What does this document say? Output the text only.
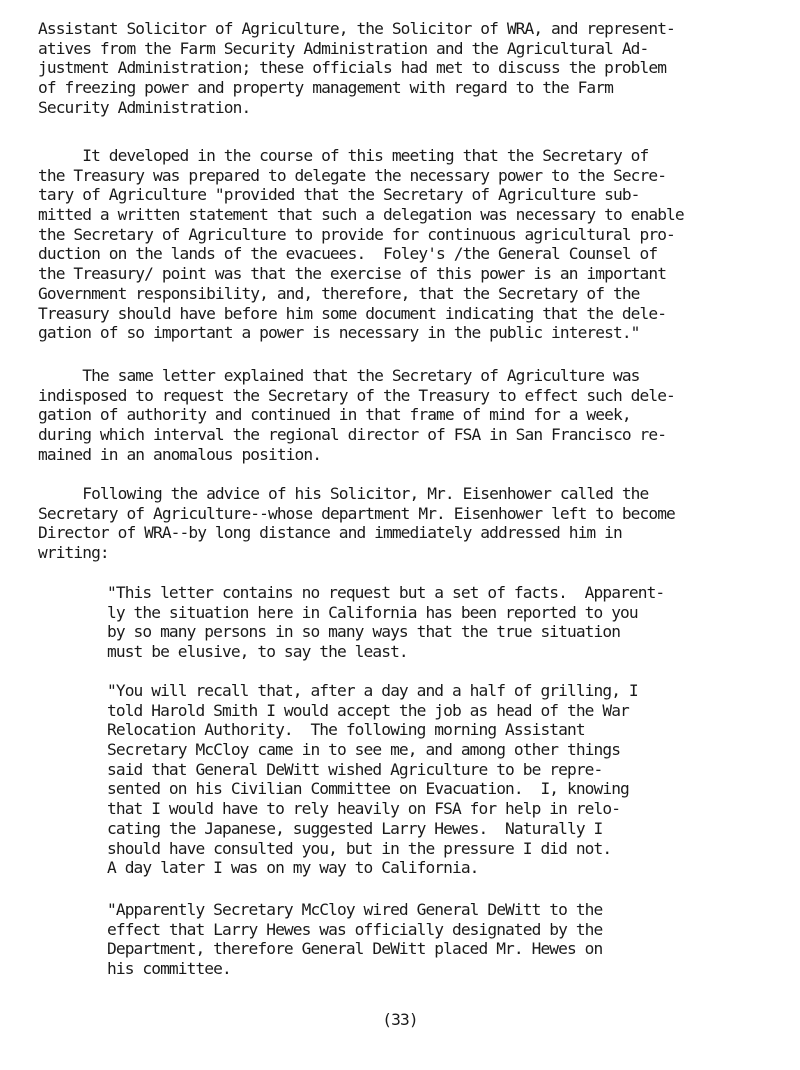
Assistant Solicitor of Agriculture, the Solicitor of WRA, and represent-
atives from the Farm Security Administration and the Agricultural Ad-
justment Administration; these officials had met to discuss the problem
of freezing power and property management with regard to the Farm
Security Administration.
It developed in the course of this meeting that the Secretary of
the Treasury was prepared to delegate the necessary power to the Secre-
tary of Agriculture "provided that the Secretary of Agriculture sub-
mitted a written statement that such a delegation was necessary to enable
the Secretary of Agriculture to provide for continuous agricultural pro-
duction on the lands of the evacuees.  Foley's /the General Counsel of
the Treasury/ point was that the exercise of this power is an important
Government responsibility, and, therefore, that the Secretary of the
Treasury should have before him some document indicating that the dele-
gation of so important a power is necessary in the public interest."
The same letter explained that the Secretary of Agriculture was
indisposed to request the Secretary of the Treasury to effect such dele-
gation of authority and continued in that frame of mind for a week,
during which interval the regional director of FSA in San Francisco re-
mained in an anomalous position.
Following the advice of his Solicitor, Mr. Eisenhower called the
Secretary of Agriculture--whose department Mr. Eisenhower left to become
Director of WRA--by long distance and immediately addressed him in
writing:
"This letter contains no request but a set of facts.  Apparent-
ly the situation here in California has been reported to you
by so many persons in so many ways that the true situation
must be elusive, to say the least.
"You will recall that, after a day and a half of grilling, I
told Harold Smith I would accept the job as head of the War
Relocation Authority.  The following morning Assistant
Secretary McCloy came in to see me, and among other things
said that General DeWitt wished Agriculture to be repre-
sented on his Civilian Committee on Evacuation.  I, knowing
that I would have to rely heavily on FSA for help in relo-
cating the Japanese, suggested Larry Hewes.  Naturally I
should have consulted you, but in the pressure I did not.
A day later I was on my way to California.
"Apparently Secretary McCloy wired General DeWitt to the
effect that Larry Hewes was officially designated by the
Department, therefore General DeWitt placed Mr. Hewes on
his committee.
(33)
